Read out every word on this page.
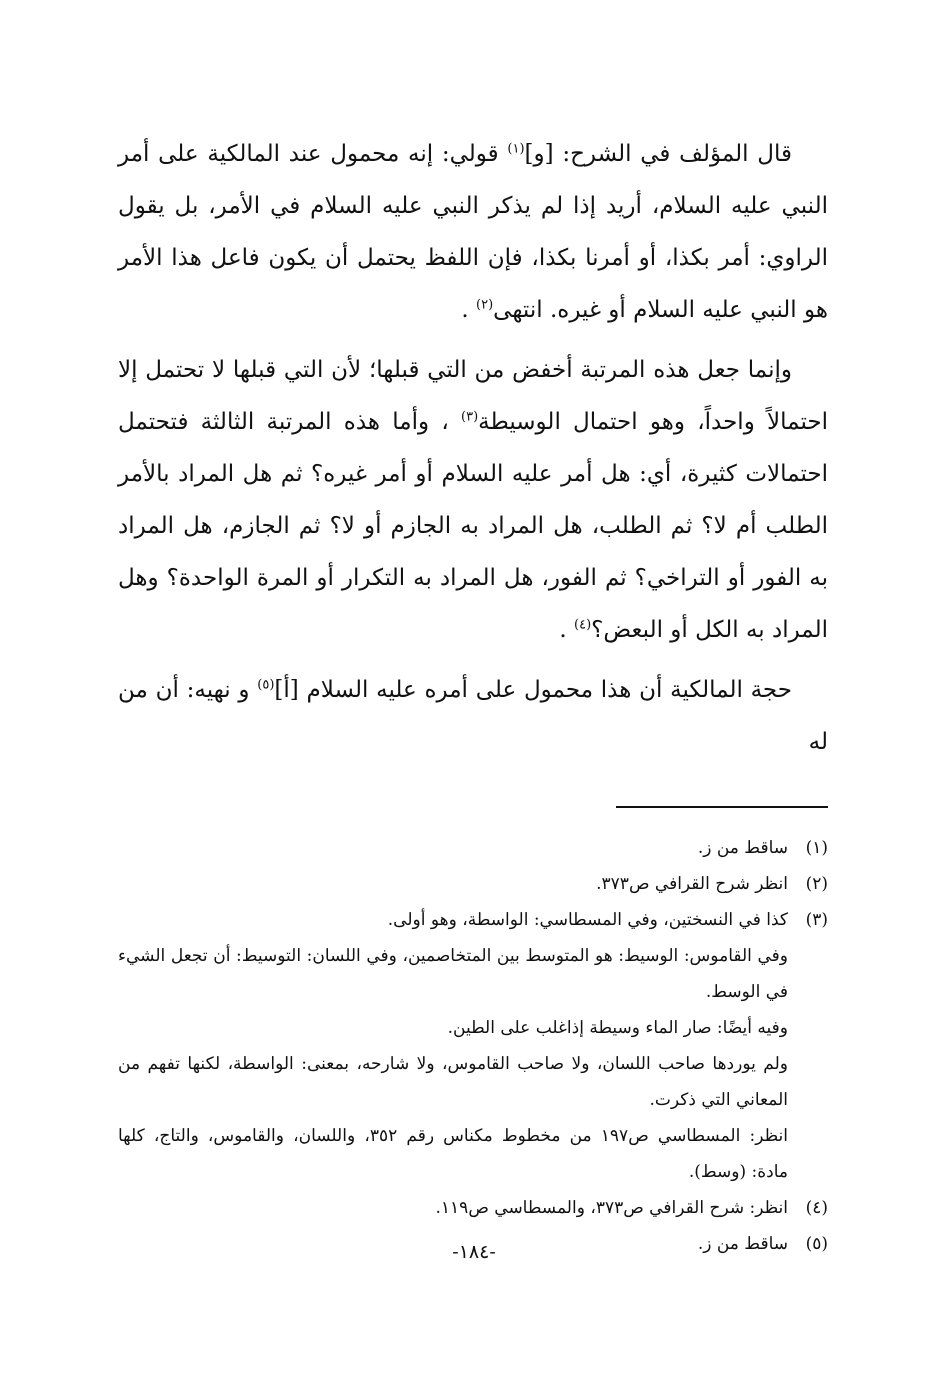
قال المؤلف في الشرح: [و]$^{(١)}$ قولي: إنه محمول عند المالكية على أمر النبي عليه السلام، أريد إذا لم يذكر النبي عليه السلام في الأمر، بل يقول الراوي: أمر بكذا، أو أمرنا بكذا، فإن اللفظ يحتمل أن يكون فاعل هذا الأمر هو النبي عليه السلام أو غيره. انتهى$^{(٢)}$ .

وإنما جعل هذه المرتبة أخفض من التي قبلها؛ لأن التي قبلها لا تحتمل إلا احتمالاً واحداً، وهو احتمال الوسيطة$^{(٣)}$ ، وأما هذه المرتبة الثالثة فتحتمل احتمالات كثيرة، أي: هل أمر عليه السلام أو أمر غيره؟ ثم هل المراد بالأمر الطلب أم لا؟ ثم الطلب، هل المراد به الجازم أو لا؟ ثم الجازم، هل المراد به الفور أو التراخي؟ ثم الفور، هل المراد به التكرار أو المرة الواحدة؟ وهل المراد به الكل أو البعض؟$^{(٤)}$ .

حجة المالكية أن هذا محمول على أمره عليه السلام [أ]$^{(٥)}$ و نهيه: أن من له

(١)
ساقط من ز.
(٢)
انظر شرح القرافي ص٣٧٣.
(٣)
كذا في النسختين، وفي المسطاسي: الواسطة، وهو أولى.
وفي القاموس: الوسيط: هو المتوسط بين المتخاصمين، وفي اللسان: التوسيط: أن تجعل الشيء في الوسط.
وفيه أيضًا: صار الماء وسيطة إذاغلب على الطين.
ولم يوردها صاحب اللسان، ولا صاحب القاموس، ولا شارحه، بمعنى: الواسطة، لكنها تفهم من المعاني التي ذكرت.
انظر: المسطاسي ص١٩٧ من مخطوط مكناس رقم ٣٥٢، واللسان، والقاموس، والتاج، كلها مادة: (وسط).
(٤)
انظر: شرح القرافي ص٣٧٣، والمسطاسي ص١١٩.
(٥)
ساقط من ز.
-١٨٤-
